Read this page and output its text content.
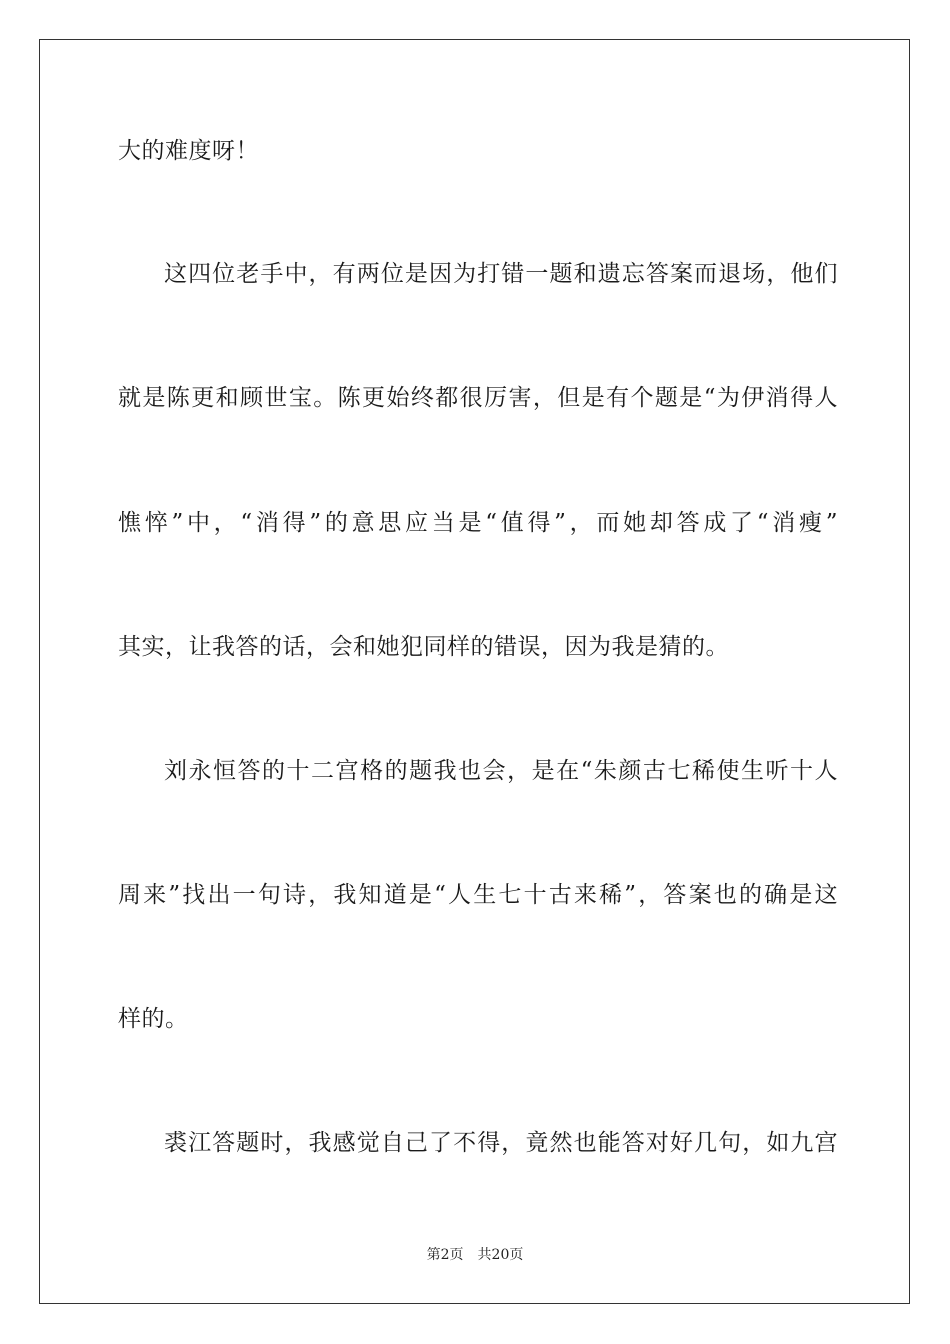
大的难度呀！
这四位老手中，有两位是因为打错一题和遗忘答案而退场，他们
就是陈更和顾世宝。陈更始终都很厉害，但是有个题是“为伊消得人
憔悴”中，“消得”的意思应当是“值得”，而她却答成了“消瘦”
其实，让我答的话，会和她犯同样的错误，因为我是猜的。
刘永恒答的十二宫格的题我也会，是在“朱颜古七稀使生听十人
周来”找出一句诗，我知道是“人生七十古来稀”，答案也的确是这
样的。
裘江答题时，我感觉自己了不得，竟然也能答对好几句，如九宫
第2页 共20页
